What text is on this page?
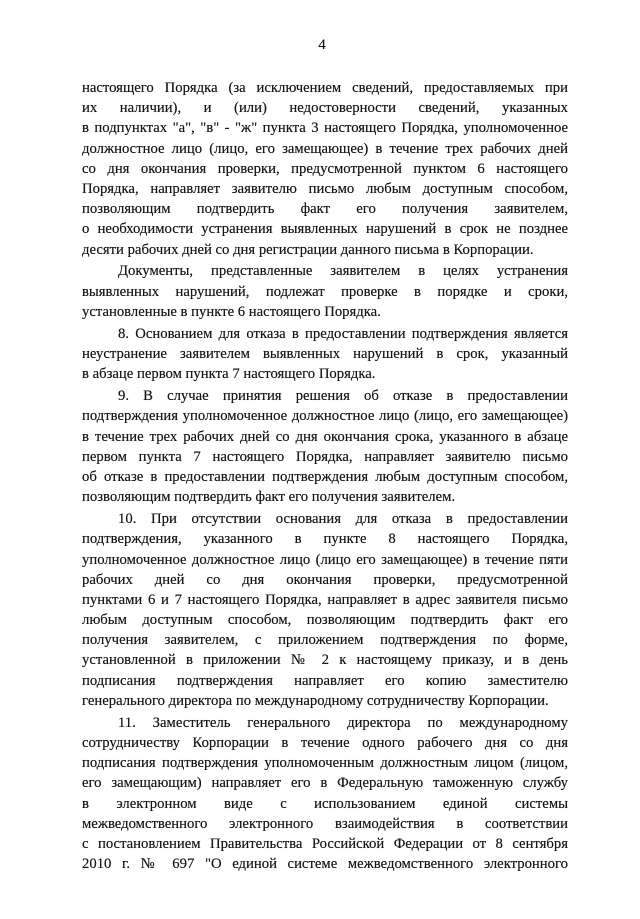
4
настоящего Порядка (за исключением сведений, предоставляемых при
их наличии), и (или) недостоверности сведений, указанных
в подпунктах "а", "в" - "ж" пункта 3 настоящего Порядка, уполномоченное
должностное лицо (лицо, его замещающее) в течение трех рабочих дней
со дня окончания проверки, предусмотренной пунктом 6 настоящего
Порядка, направляет заявителю письмо любым доступным способом,
позволяющим подтвердить факт его получения заявителем,
о необходимости устранения выявленных нарушений в срок не позднее
десяти рабочих дней со дня регистрации данного письма в Корпорации.
Документы, представленные заявителем в целях устранения
выявленных нарушений, подлежат проверке в порядке и сроки,
установленные в пункте 6 настоящего Порядка.
8. Основанием для отказа в предоставлении подтверждения является
неустранение заявителем выявленных нарушений в срок, указанный
в абзаце первом пункта 7 настоящего Порядка.
9. В случае принятия решения об отказе в предоставлении
подтверждения уполномоченное должностное лицо (лицо, его замещающее)
в течение трех рабочих дней со дня окончания срока, указанного в абзаце
первом пункта 7 настоящего Порядка, направляет заявителю письмо
об отказе в предоставлении подтверждения любым доступным способом,
позволяющим подтвердить факт его получения заявителем.
10. При отсутствии основания для отказа в предоставлении
подтверждения, указанного в пункте 8 настоящего Порядка,
уполномоченное должностное лицо (лицо его замещающее) в течение пяти
рабочих дней со дня окончания проверки, предусмотренной
пунктами 6 и 7 настоящего Порядка, направляет в адрес заявителя письмо
любым доступным способом, позволяющим подтвердить факт его
получения заявителем, с приложением подтверждения по форме,
установленной в приложении № 2 к настоящему приказу, и в день
подписания подтверждения направляет его копию заместителю
генерального директора по международному сотрудничеству Корпорации.
11. Заместитель генерального директора по международному
сотрудничеству Корпорации в течение одного рабочего дня со дня
подписания подтверждения уполномоченным должностным лицом (лицом,
его замещающим) направляет его в Федеральную таможенную службу
в электронном виде с использованием единой системы
межведомственного электронного взаимодействия в соответствии
с постановлением Правительства Российской Федерации от 8 сентября
2010 г. № 697 "О единой системе межведомственного электронного
